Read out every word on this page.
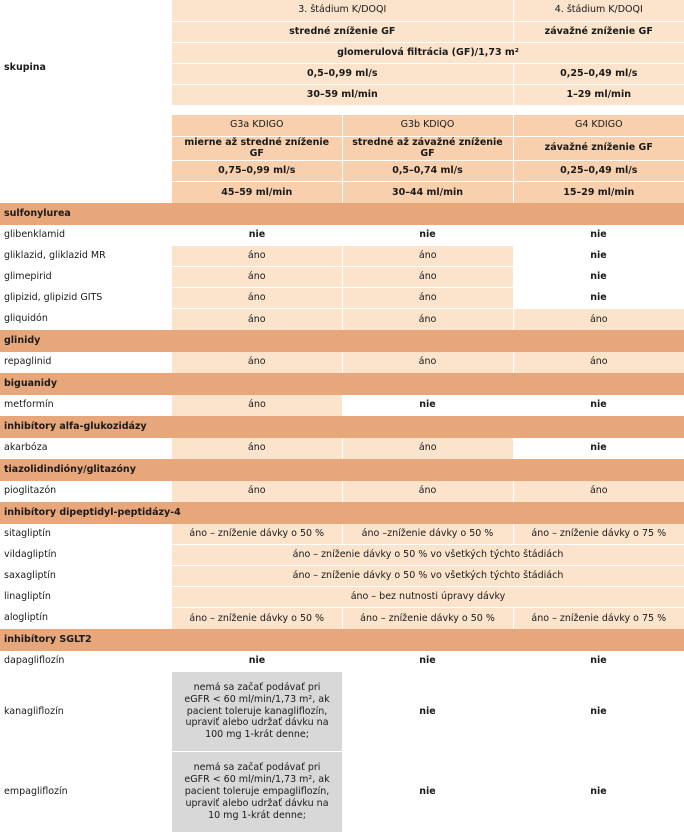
	3. štádium K/DOQI		4. štádium K/DOQI
skupina	stredné zníženie GF		závažné zníženie GF
	glomerulová filtrácia (GF)/1,73 m²		
	0,5–0,99 ml/s		0,25–0,49 ml/s
	30–59 ml/min		1–29 ml/min

	G3a KDIGO	G3b KDIQO	G4 KDIGO
	mierne až stredné zníženie GF	stredné až závažné zníženie GF	závažné zníženie GF
	0,75–0,99 ml/s	0,5–0,74 ml/s	0,25–0,49 ml/s
	45–59 ml/min	30–44 ml/min	15–29 ml/min
sulfonylurea			
glibenklamid	nie	nie	nie
gliklazid, gliklazid MR	áno	áno	nie
glimepirid	áno	áno	nie
glipizid, glipizid GITS	áno	áno	nie
gliquidón	áno	áno	áno
glinidy			
repaglinid	áno	áno	áno
biguanidy			
metformín	áno	nie	nie
inhibítory alfa-glukozidázy			
akarbóza	áno	áno	nie
tiazolidindióny/glitazóny			
pioglitazón	áno	áno	áno
inhibítory dipeptidyl-peptidázy-4			
sitagliptín	áno – zníženie dávky o 50 %	áno –zníženie dávky o 50 %	áno – zníženie dávky o 75 %
vildagliptín	áno – zníženie dávky o 50 % vo všetkých týchto štádiách		
saxagliptín	áno – zníženie dávky o 50 % vo všetkých týchto štádiách		
linagliptín	áno – bez nutnosti úpravy dávky		
alogliptín	áno – zníženie dávky o 50 %	áno – zníženie dávky o 50 %	áno – zníženie dávky o 75 %
inhibítory SGLT2			
dapagliflozín	nie	nie	nie
kanagliflozín	nemá sa začať podávať pri eGFR < 60 ml/min/1,73 m², ak pacient toleruje kanagliflozín, upraviť alebo udržať dávku na 100 mg 1-krát denne;	nie	nie
empagliflozín	nemá sa začať podávať pri eGFR < 60 ml/min/1,73 m², ak pacient toleruje empagliflozín, upraviť alebo udržať dávku na 10 mg 1-krát denne;	nie	nie
